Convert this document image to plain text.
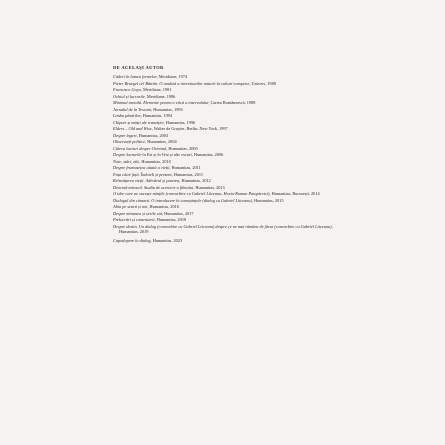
DE ACELAȘI AUTOR
Căderi în lumea formelor, Meridiane, 1974
Pieter Bruegel cel Bătrân. O analiză a inversiunilor naturii în culturi europene, Univers, 1980
Francisco Goya, Meridiane, 1981
Ochiul și lucrurile, Meridiane, 1986
Minimul morală. Elemente pentru o etică a intervalului, Cartea Românească, 1988
Jurnalul de la Tescani, Humanitas, 1993
Limba păsărilor, Humanitas, 1994
Chipuri și măști ale tranziției, Humanitas, 1996
Elders – Old and Wise, Walter de Gruyter, Berlin–New York, 1997
Despre îngeri, Humanitas, 2003
Observații politice, Humanitas, 2004
Câteva lucruri despre Orientul, Humanitas, 2005
Despre lucrurile în Est și în Vest și alte eseuri, Humanitas, 2006
Note, stări, zile, Humanitas, 2010
Despre frumusețea uitată a vieții, Humanitas, 2011
Fața către față. Îndoieli și prezent, Humanitas, 2011
Reînvățarea vieții. Adevărul și puterea, Humanitas, 2012
Desenul-miracol. Studiu de ucenicie a filmului, Humanitas, 2013
O idee care ne sucește mințile (convorbire cu Gabriel Liiceanu, Horia-Roman Patapievici), Humanitas, București, 2014
Dialogul din cămară. O introducere în cunoștințele (dialog cu Gabriel Liiceanu), Humanitas, 2015
Abia pe seară și noi, Humanitas, 2016
Despre minunea și serile cât, Humanitas, 2017
Prelucrări și comentarii, Humanitas, 2018
Despre destin. Un dialog (convorbire cu Gabriel Liiceanu) despre ce ne mai rămâne de făcut (convorbire cu Gabriel Liiceanu), Humanitas, 2019
Capodopere în dialog, Humanitas, 2023
